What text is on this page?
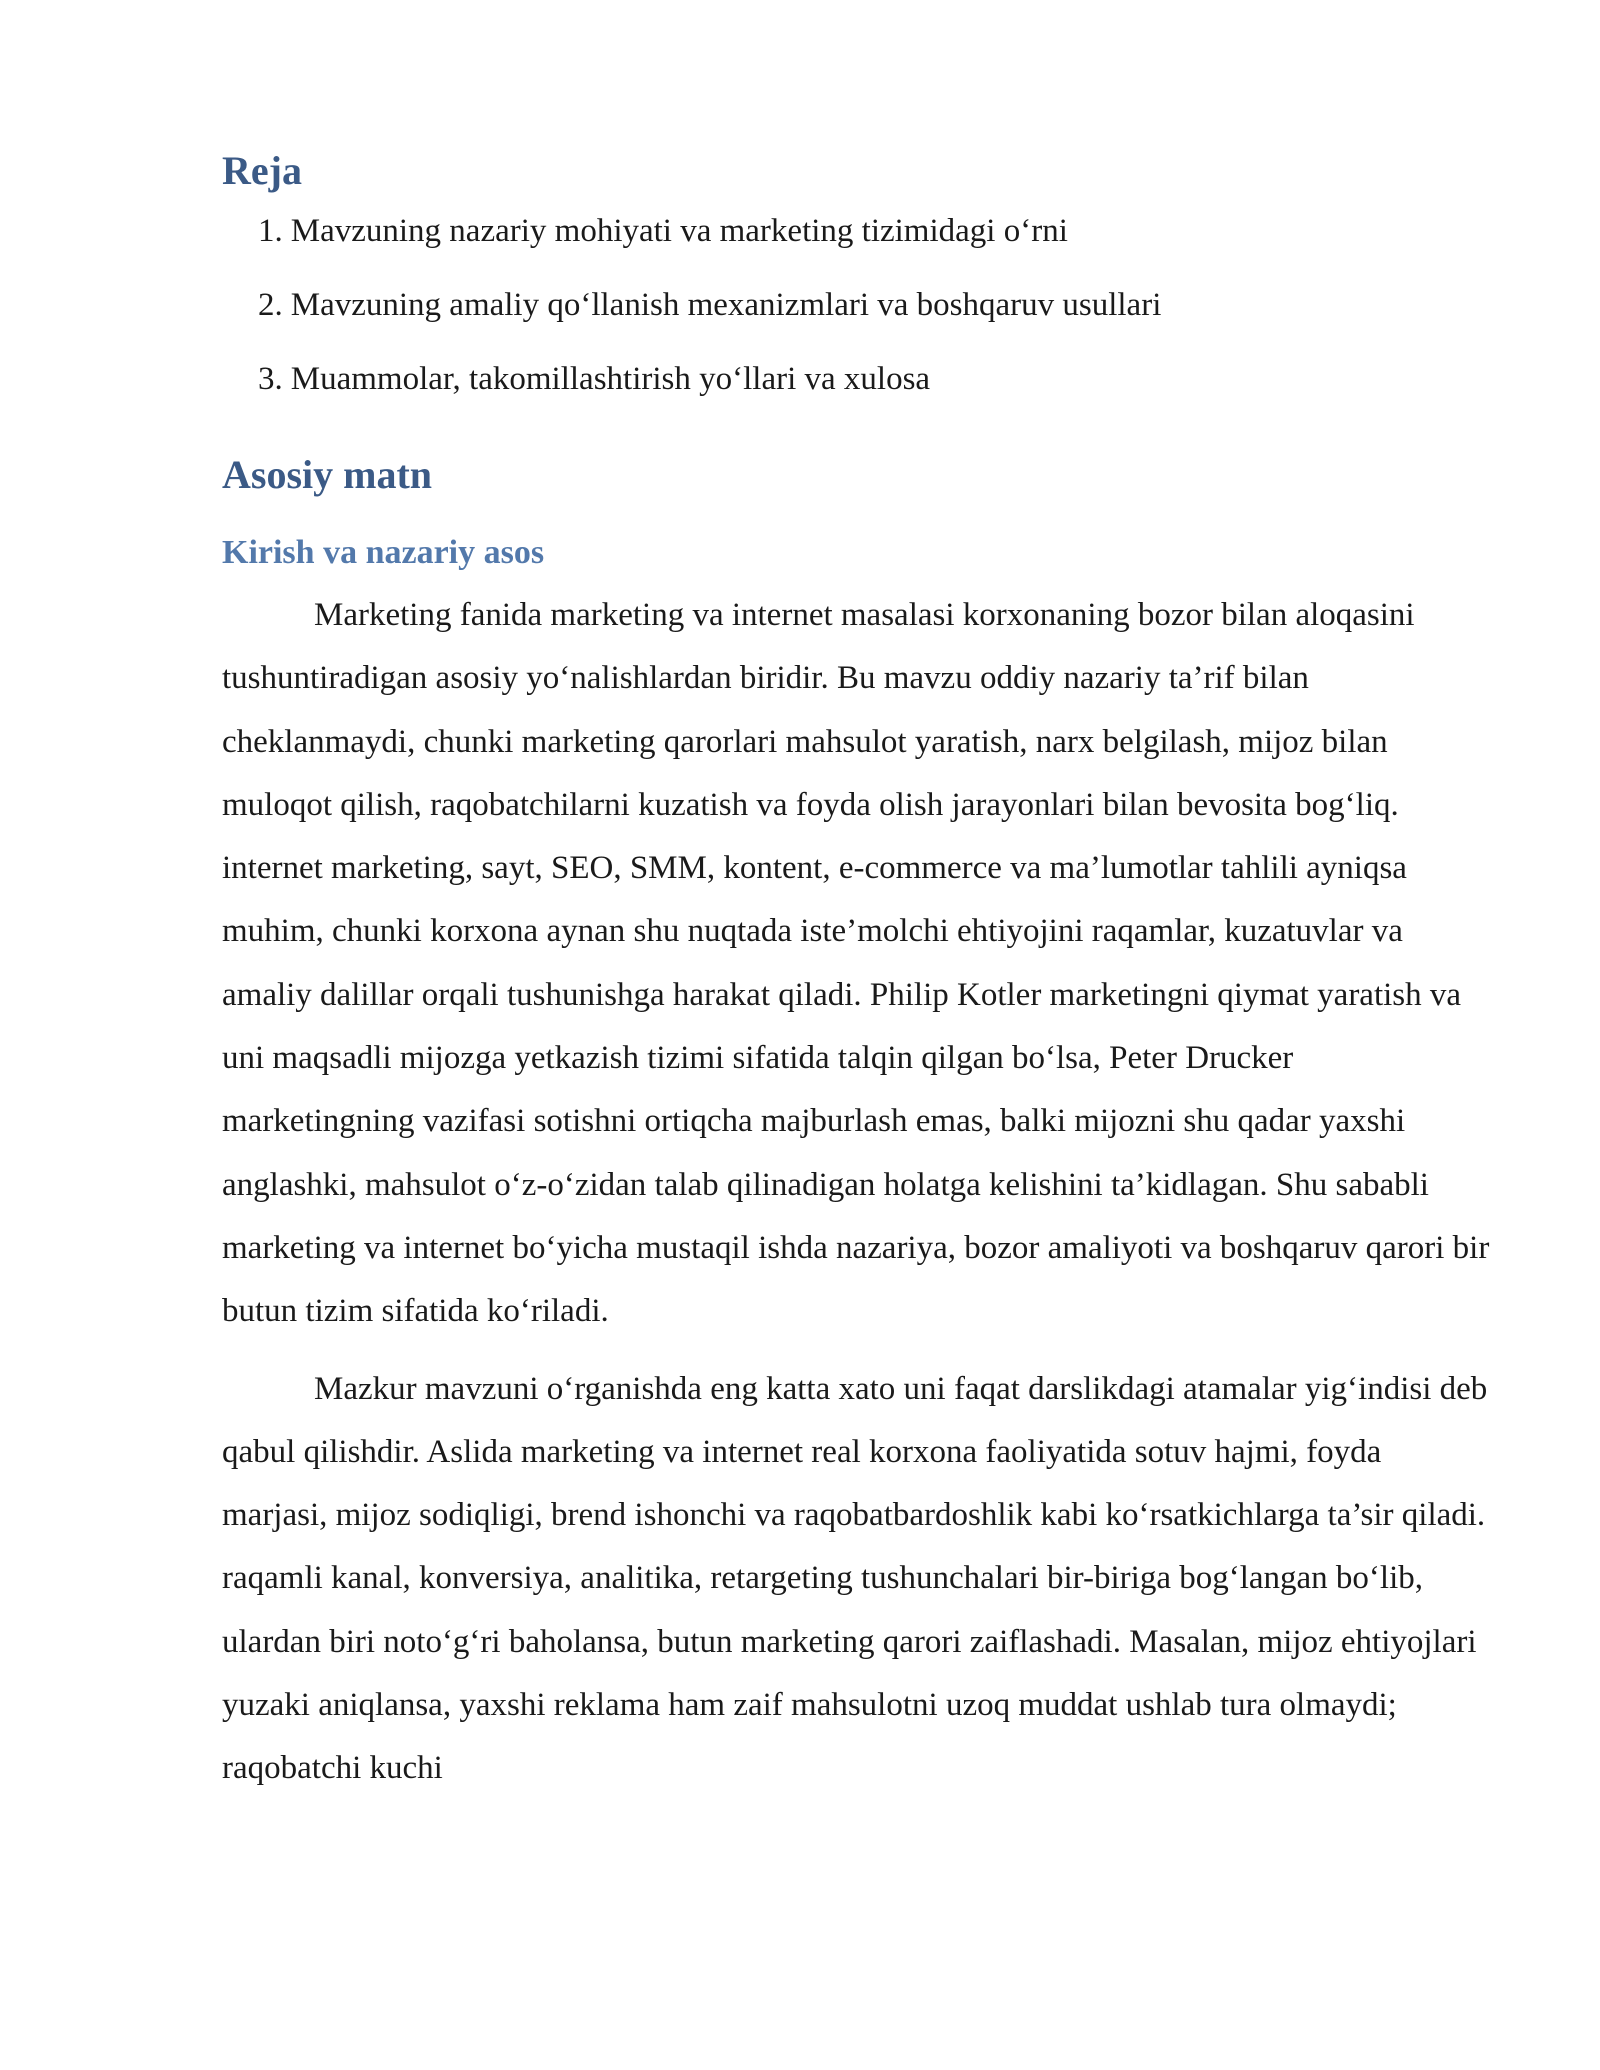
Reja
1. Mavzuning nazariy mohiyati va marketing tizimidagi o‘rni
2. Mavzuning amaliy qo‘llanish mexanizmlari va boshqaruv usullari
3. Muammolar, takomillashtirish yo‘llari va xulosa
Asosiy matn
Kirish va nazariy asos

Marketing fanida marketing va internet masalasi korxonaning bozor bilan aloqasini tushuntiradigan asosiy yo‘nalishlardan biridir. Bu mavzu oddiy nazariy ta’rif bilan cheklanmaydi, chunki marketing qarorlari mahsulot yaratish, narx belgilash, mijoz bilan muloqot qilish, raqobatchilarni kuzatish va foyda olish jarayonlari bilan bevosita bog‘liq. internet marketing, sayt, SEO, SMM, kontent, e-commerce va ma’lumotlar tahlili ayniqsa muhim, chunki korxona aynan shu nuqtada iste’molchi ehtiyojini raqamlar, kuzatuvlar va amaliy dalillar orqali tushunishga harakat qiladi. Philip Kotler marketingni qiymat yaratish va uni maqsadli mijozga yetkazish tizimi sifatida talqin qilgan bo‘lsa, Peter Drucker marketingning vazifasi sotishni ortiqcha majburlash emas, balki mijozni shu qadar yaxshi anglashki, mahsulot o‘z-o‘zidan talab qilinadigan holatga kelishini ta’kidlagan. Shu sababli marketing va internet bo‘yicha mustaqil ishda nazariya, bozor amaliyoti va boshqaruv qarori bir butun tizim sifatida ko‘riladi.

Mazkur mavzuni o‘rganishda eng katta xato uni faqat darslikdagi atamalar yig‘indisi deb qabul qilishdir. Aslida marketing va internet real korxona faoliyatida sotuv hajmi, foyda marjasi, mijoz sodiqligi, brend ishonchi va raqobatbardoshlik kabi ko‘rsatkichlarga ta’sir qiladi. raqamli kanal, konversiya, analitika, retargeting tushunchalari bir-biriga bog‘langan bo‘lib, ulardan biri noto‘g‘ri baholansa, butun marketing qarori zaiflashadi. Masalan, mijoz ehtiyojlari yuzaki aniqlansa, yaxshi reklama ham zaif mahsulotni uzoq muddat ushlab tura olmaydi; raqobatchi kuchi
